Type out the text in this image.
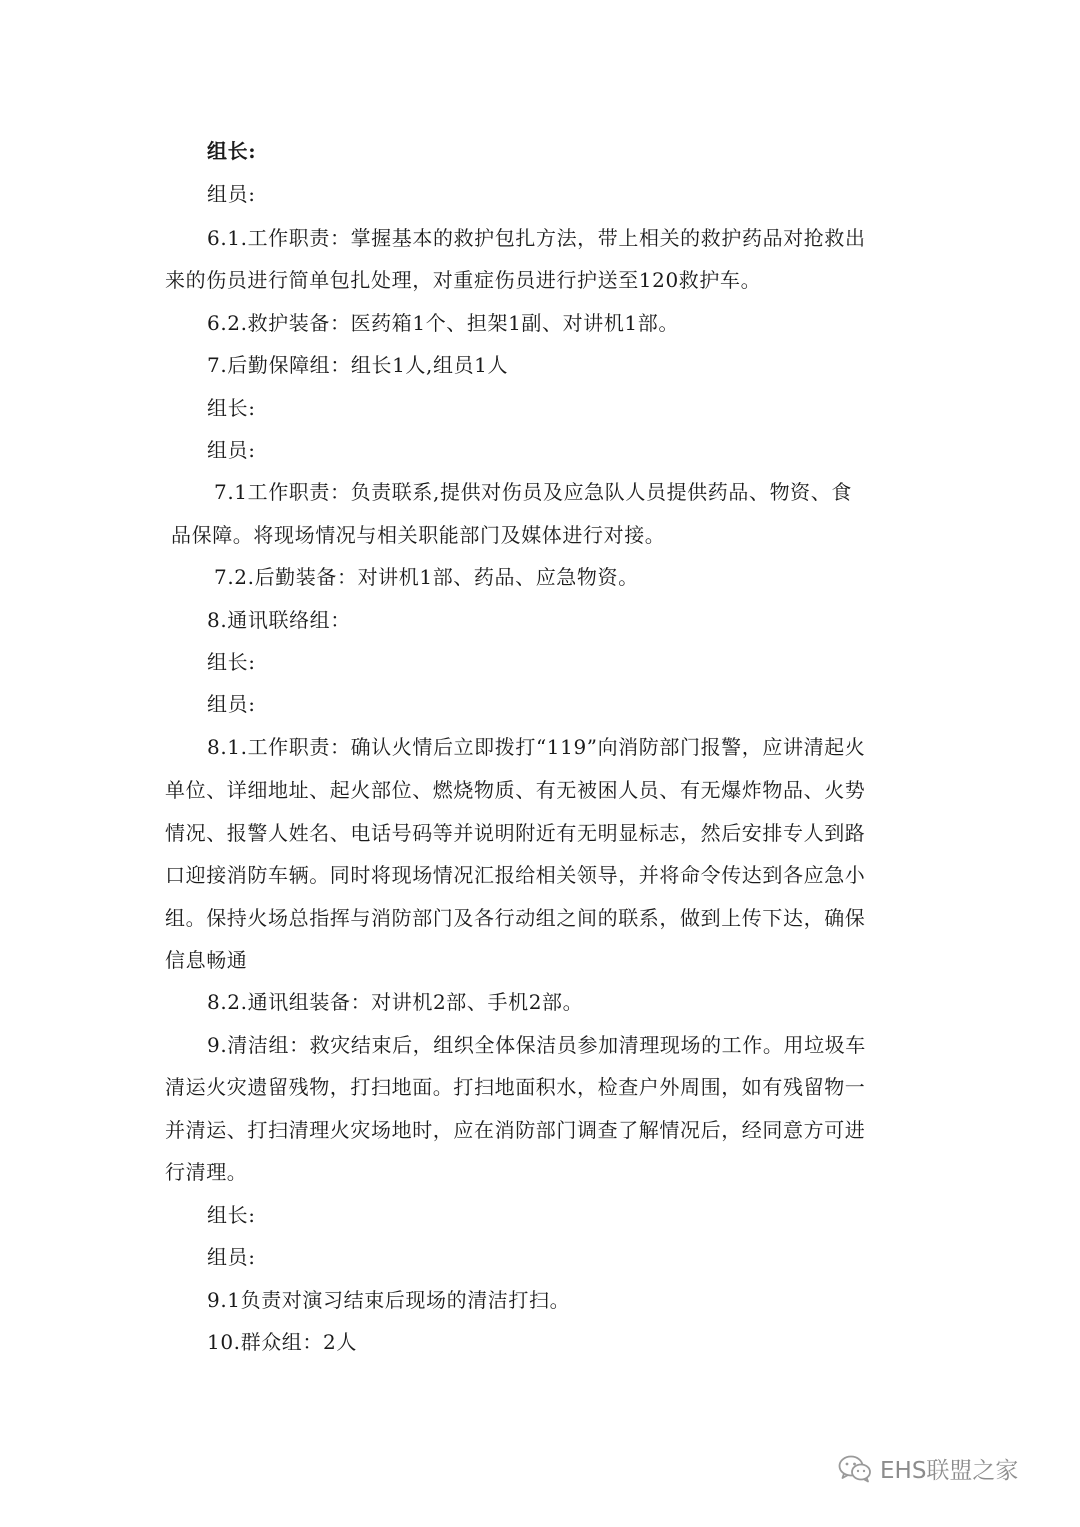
组长:
组员:
6.1.工作职责：掌握基本的救护包扎方法，带上相关的救护药品对抢救出
来的伤员进行简单包扎处理，对重症伤员进行护送至120救护车。
6.2.救护装备：医药箱1个、担架1副、对讲机1部。
7.后勤保障组：组长1人,组员1人
组长:
组员:
7.1工作职责：负责联系,提供对伤员及应急队人员提供药品、物资、食
品保障。将现场情况与相关职能部门及媒体进行对接。
7.2.后勤装备：对讲机1部、药品、应急物资。
8.通讯联络组：
组长:
组员:
8.1.工作职责：确认火情后立即拨打“119”向消防部门报警，应讲清起火
单位、详细地址、起火部位、燃烧物质、有无被困人员、有无爆炸物品、火势
情况、报警人姓名、电话号码等并说明附近有无明显标志，然后安排专人到路
口迎接消防车辆。同时将现场情况汇报给相关领导，并将命令传达到各应急小
组。保持火场总指挥与消防部门及各行动组之间的联系，做到上传下达，确保
信息畅通
8.2.通讯组装备：对讲机2部、手机2部。
9.清洁组：救灾结束后，组织全体保洁员参加清理现场的工作。用垃圾车
清运火灾遗留残物，打扫地面。打扫地面积水，检查户外周围，如有残留物一
并清运、打扫清理火灾场地时，应在消防部门调查了解情况后，经同意方可进
行清理。
组长:
组员:
9.1负责对演习结束后现场的清洁打扫。
10.群众组：2人
EHS联盟之家
